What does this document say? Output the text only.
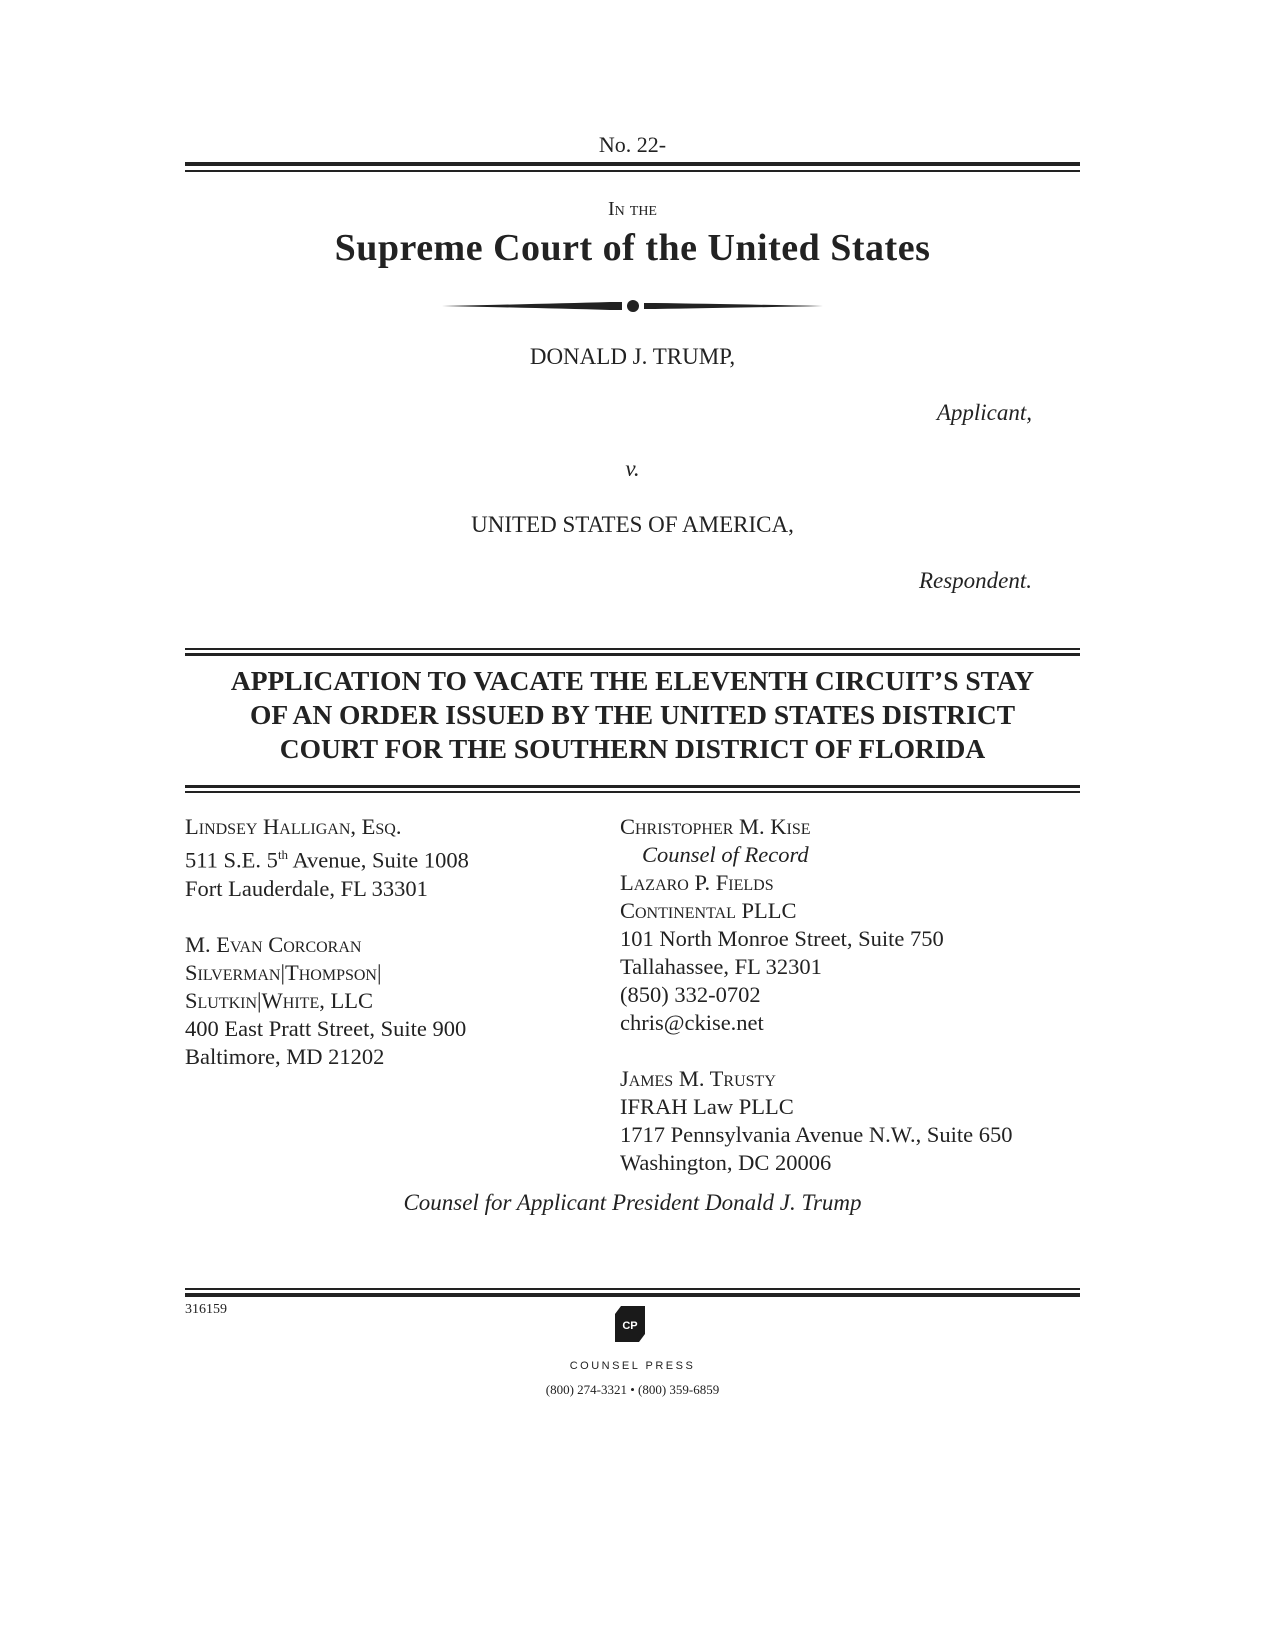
No. 22-
In the
Supreme Court of the United States
DONALD J. TRUMP,
Applicant,
v.
UNITED STATES OF AMERICA,
Respondent.
APPLICATION TO VACATE THE ELEVENTH CIRCUIT’S STAY
OF AN ORDER ISSUED BY THE UNITED STATES DISTRICT
COURT FOR THE SOUTHERN DISTRICT OF FLORIDA
Lindsey Halligan, Esq.
511 S.E. 5th Avenue, Suite 1008
Fort Lauderdale, FL 33301
M. Evan Corcoran
Silverman|Thompson|
Slutkin|White, LLC
400 East Pratt Street, Suite 900
Baltimore, MD 21202
Christopher M. Kise
Counsel of Record
Lazaro P. Fields
Continental PLLC
101 North Monroe Street, Suite 750
Tallahassee, FL 32301
(850) 332-0702
chris@ckise.net
James M. Trusty
IFRAH Law PLLC
1717 Pennsylvania Avenue N.W., Suite 650
Washington, DC 20006
Counsel for Applicant President Donald J. Trump
316159
CP
COUNSEL PRESS
(800) 274-3321 • (800) 359-6859
